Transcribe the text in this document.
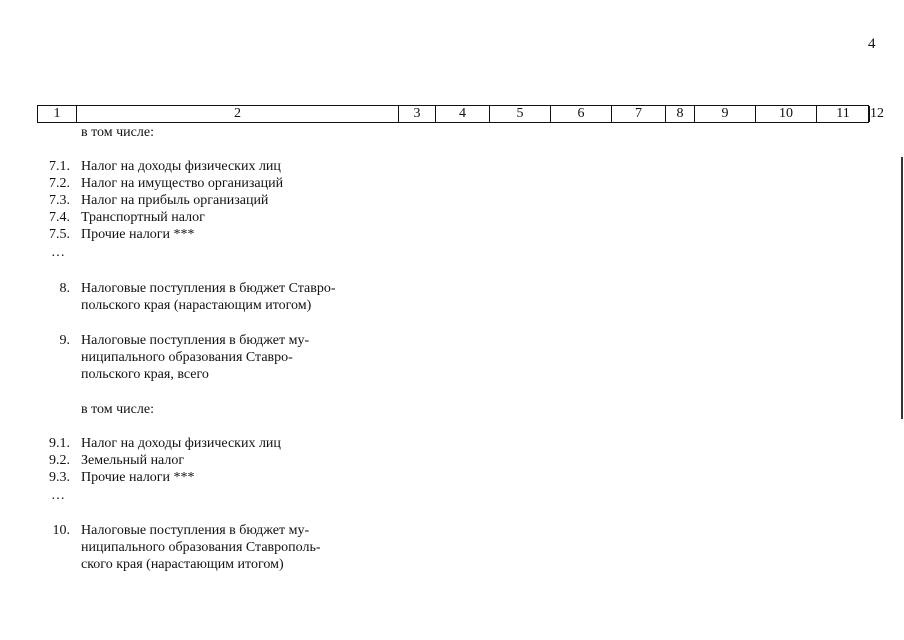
4
1	2	3	4	5	6	7	8	9	10	11	12
в том числе:
7.1. Налог на доходы физических лиц
7.2. Налог на имущество организаций
7.3. Налог на прибыль организаций
7.4. Транспортный налог
7.5. Прочие налоги ***
…
8. Налоговые поступления в бюджет Ставро-
польского края (нарастающим итогом)
9. Налоговые поступления в бюджет му-
ниципального образования Ставро-
польского края, всего
в том числе:
9.1. Налог на доходы физических лиц
9.2. Земельный налог
9.3. Прочие налоги ***
…
10. Налоговые поступления в бюджет му-
ниципального образования Ставрополь-
ского края (нарастающим итогом)
